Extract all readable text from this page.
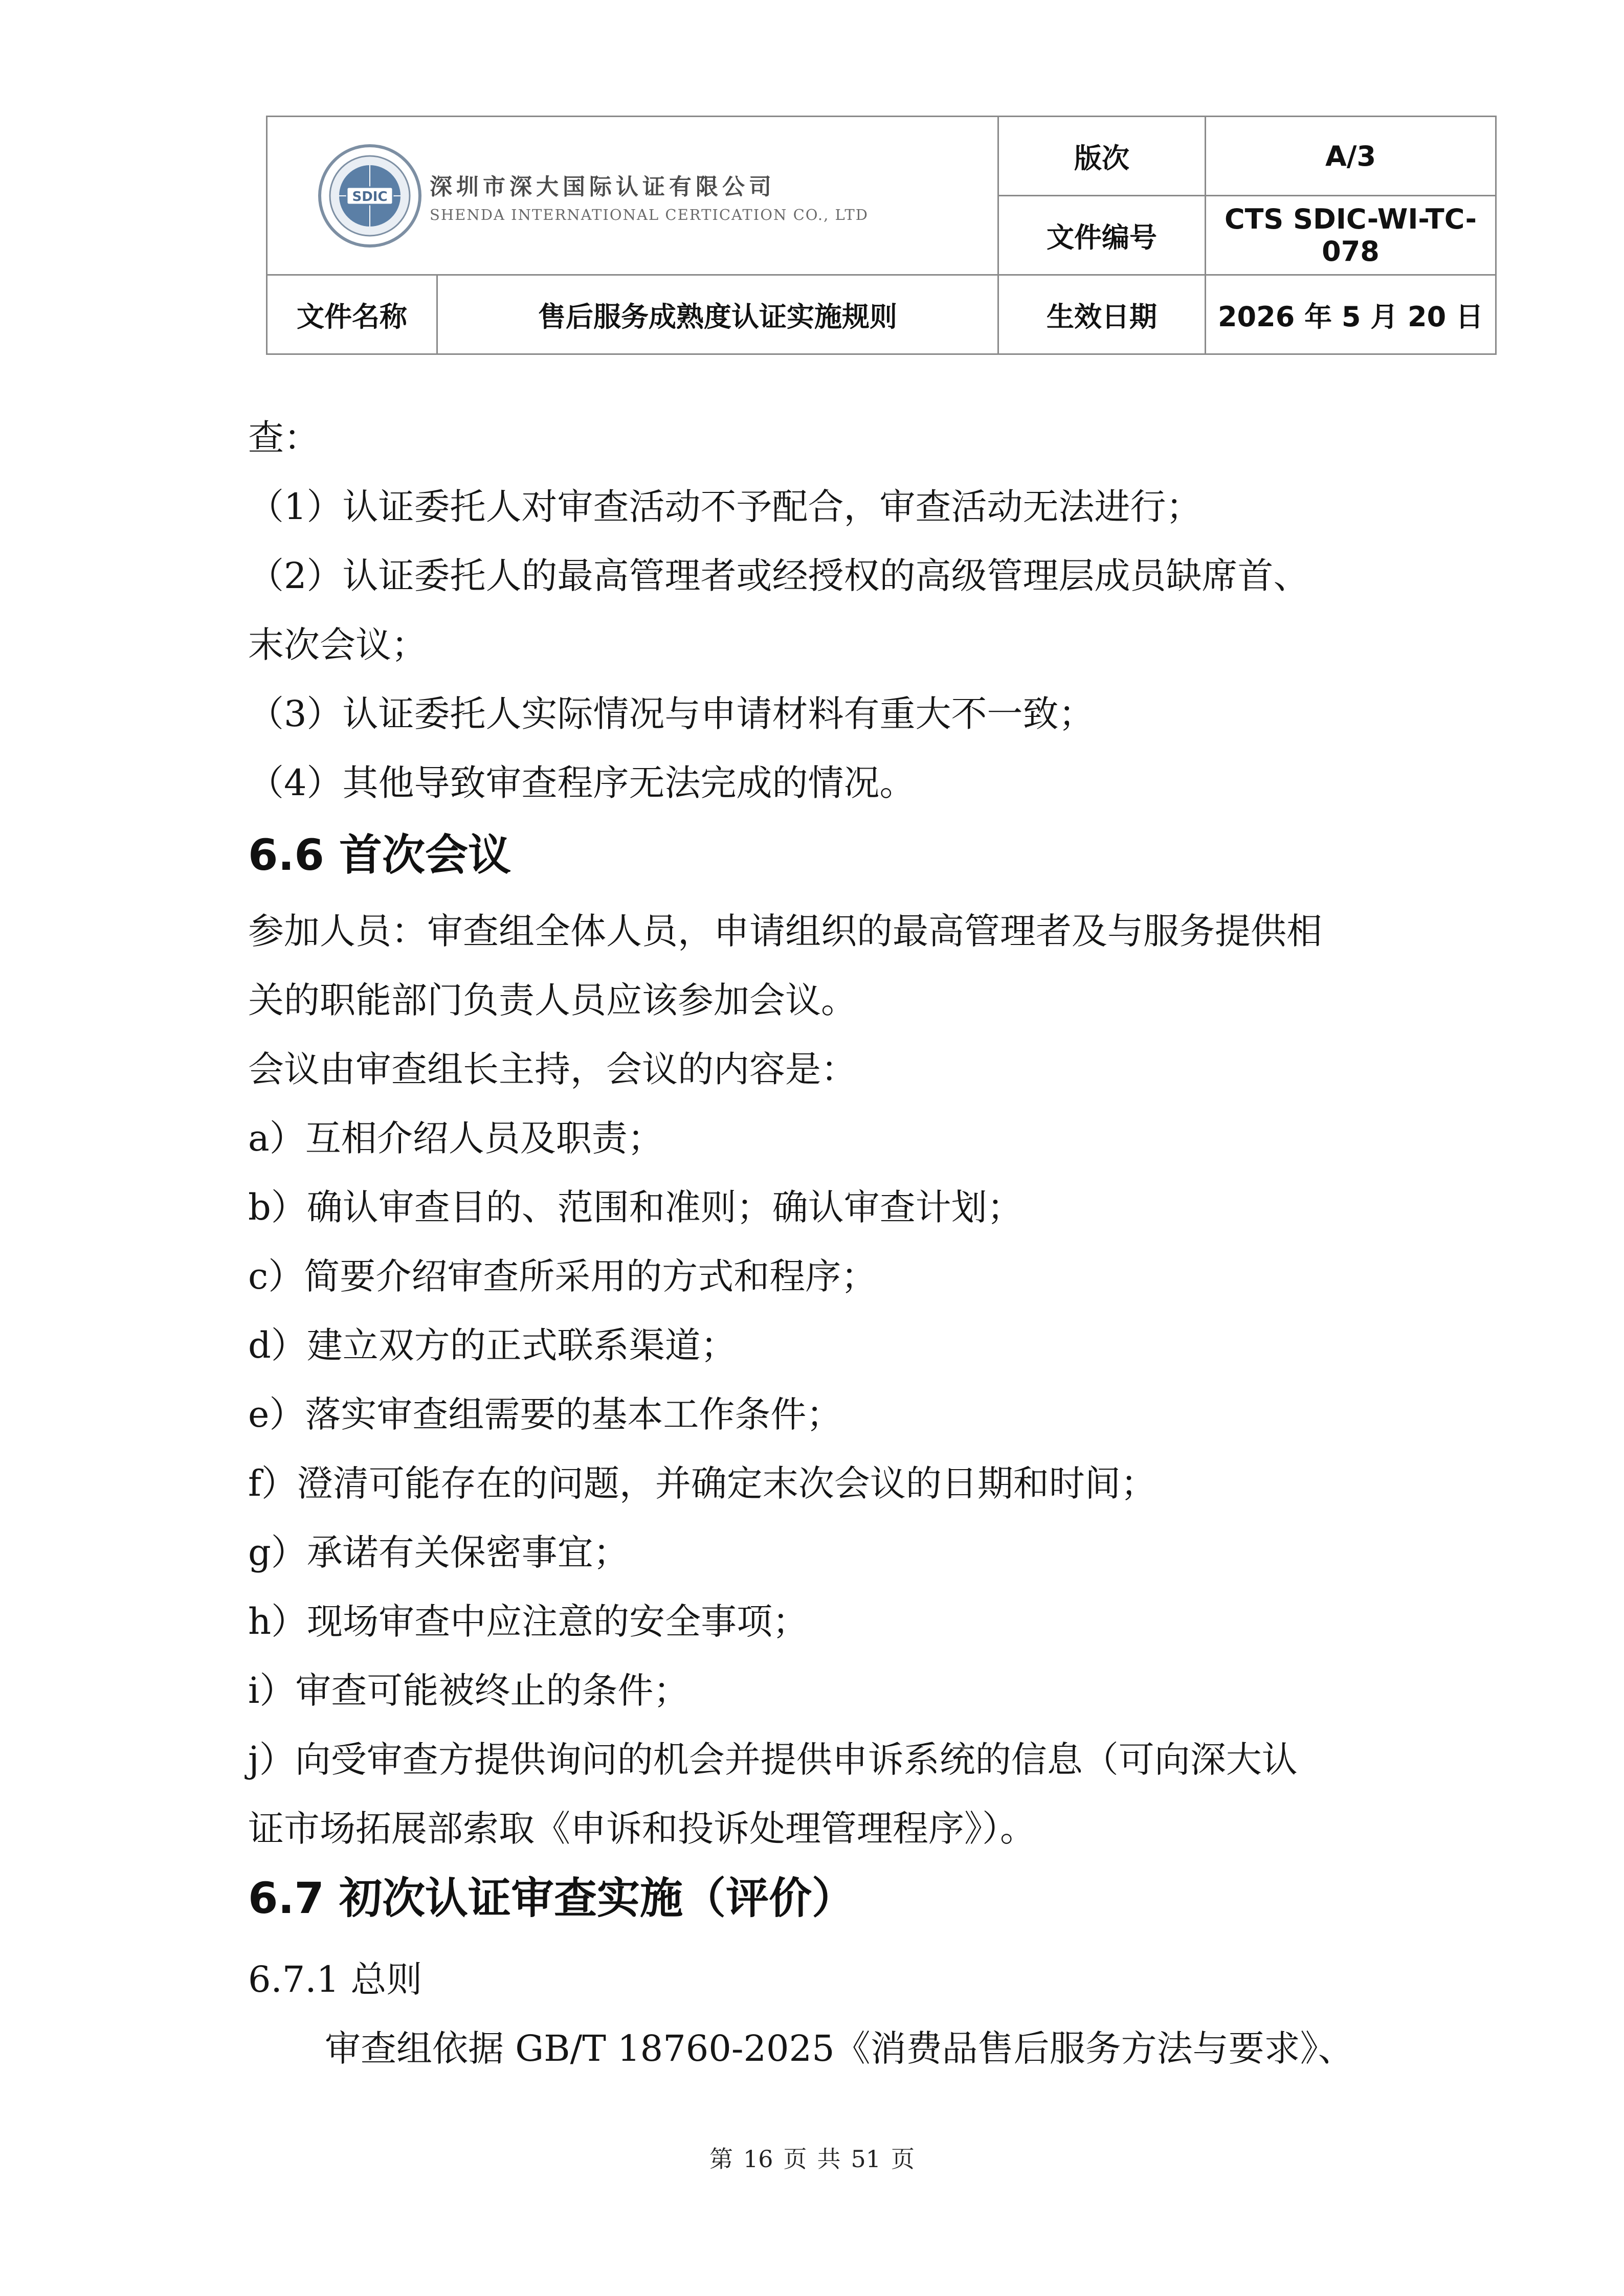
SDIC 深圳市深大国际认证有限公司
SHENDA INTERNATIONAL CERTICATION CO., LTD		版次	A/3
		文件编号	CTS SDIC-WI-TC-078
文件名称	售后服务成熟度认证实施规则	生效日期	2026 年 5 月 20 日
查：
（1）认证委托人对审查活动不予配合，审查活动无法进行；
（2）认证委托人的最高管理者或经授权的高级管理层成员缺席首、
末次会议；
（3）认证委托人实际情况与申请材料有重大不一致；
（4）其他导致审查程序无法完成的情况。
6.6 首次会议
参加人员：审查组全体人员，申请组织的最高管理者及与服务提供相
关的职能部门负责人员应该参加会议。
会议由审查组长主持，会议的内容是：
a）互相介绍人员及职责；
b）确认审查目的、范围和准则；确认审查计划；
c）简要介绍审查所采用的方式和程序；
d）建立双方的正式联系渠道；
e）落实审查组需要的基本工作条件；
f）澄清可能存在的问题，并确定末次会议的日期和时间；
g）承诺有关保密事宜；
h）现场审查中应注意的安全事项；
i）审查可能被终止的条件；
j）向受审查方提供询问的机会并提供申诉系统的信息（可向深大认
证市场拓展部索取《申诉和投诉处理管理程序》）。
6.7 初次认证审查实施（评价）
6.7.1 总则
审查组依据 GB/T 18760-2025《消费品售后服务方法与要求》、
第 16 页 共 51 页
